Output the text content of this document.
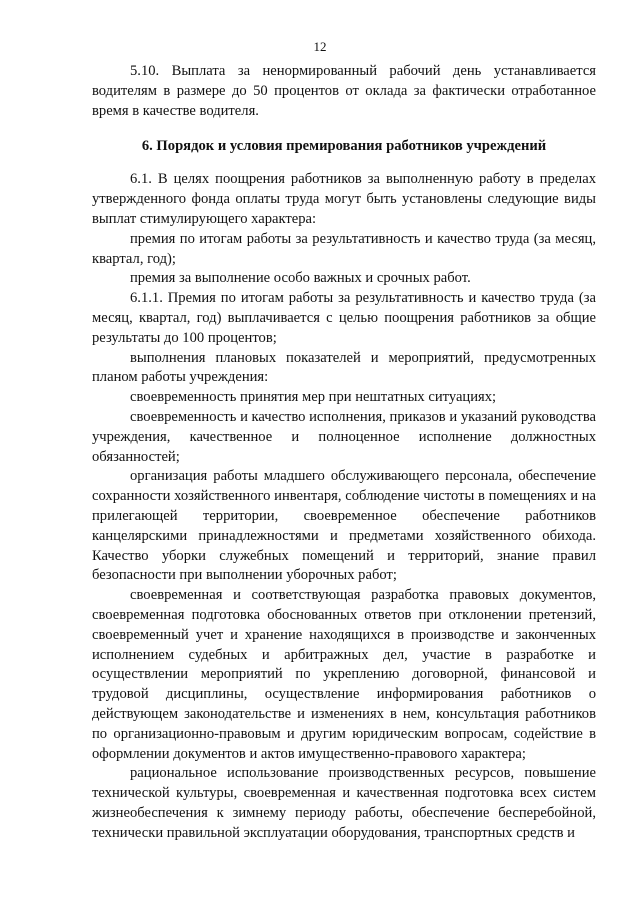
12

5.10. Выплата за ненормированный рабочий день устанавливается водителям в размере до 50 процентов от оклада за фактически отработанное время в качестве водителя.

6. Порядок и условия премирования работников учреждений

6.1. В целях поощрения работников за выполненную работу в пределах утвержденного фонда оплаты труда могут быть установлены следующие виды выплат стимулирующего характера:

премия по итогам работы за результативность и качество труда (за месяц, квартал, год);

премия за выполнение особо важных и срочных работ.

6.1.1. Премия по итогам работы за результативность и качество труда (за месяц, квартал, год) выплачивается с целью поощрения работников за общие результаты до 100 процентов;

выполнения плановых показателей и мероприятий, предусмотренных планом работы учреждения:

своевременность принятия мер при нештатных ситуациях;

своевременность и качество исполнения, приказов и указаний руководства учреждения, качественное и полноценное исполнение должностных обязанностей;

организация работы младшего обслуживающего персонала, обеспечение сохранности хозяйственного инвентаря, соблюдение чистоты в помещениях и на прилегающей территории, своевременное обеспечение работников канцелярскими принадлежностями и предметами хозяйственного обихода. Качество уборки служебных помещений и территорий, знание правил безопасности при выполнении уборочных работ;

своевременная и соответствующая разработка правовых документов, своевременная подготовка обоснованных ответов при отклонении претензий, своевременный учет и хранение находящихся в производстве и законченных исполнением судебных и арбитражных дел, участие в разработке и осуществлении мероприятий по укреплению договорной, финансовой и трудовой дисциплины, осуществление информирования работников о действующем законодательстве и изменениях в нем, консультация работников по организационно-правовым и другим юридическим вопросам, содействие в оформлении документов и актов имущественно-правового характера;

рациональное использование производственных ресурсов, повышение технической культуры, своевременная и качественная подготовка всех систем жизнеобеспечения к зимнему периоду работы, обеспечение бесперебойной, технически правильной эксплуатации оборудования, транспортных средств и
